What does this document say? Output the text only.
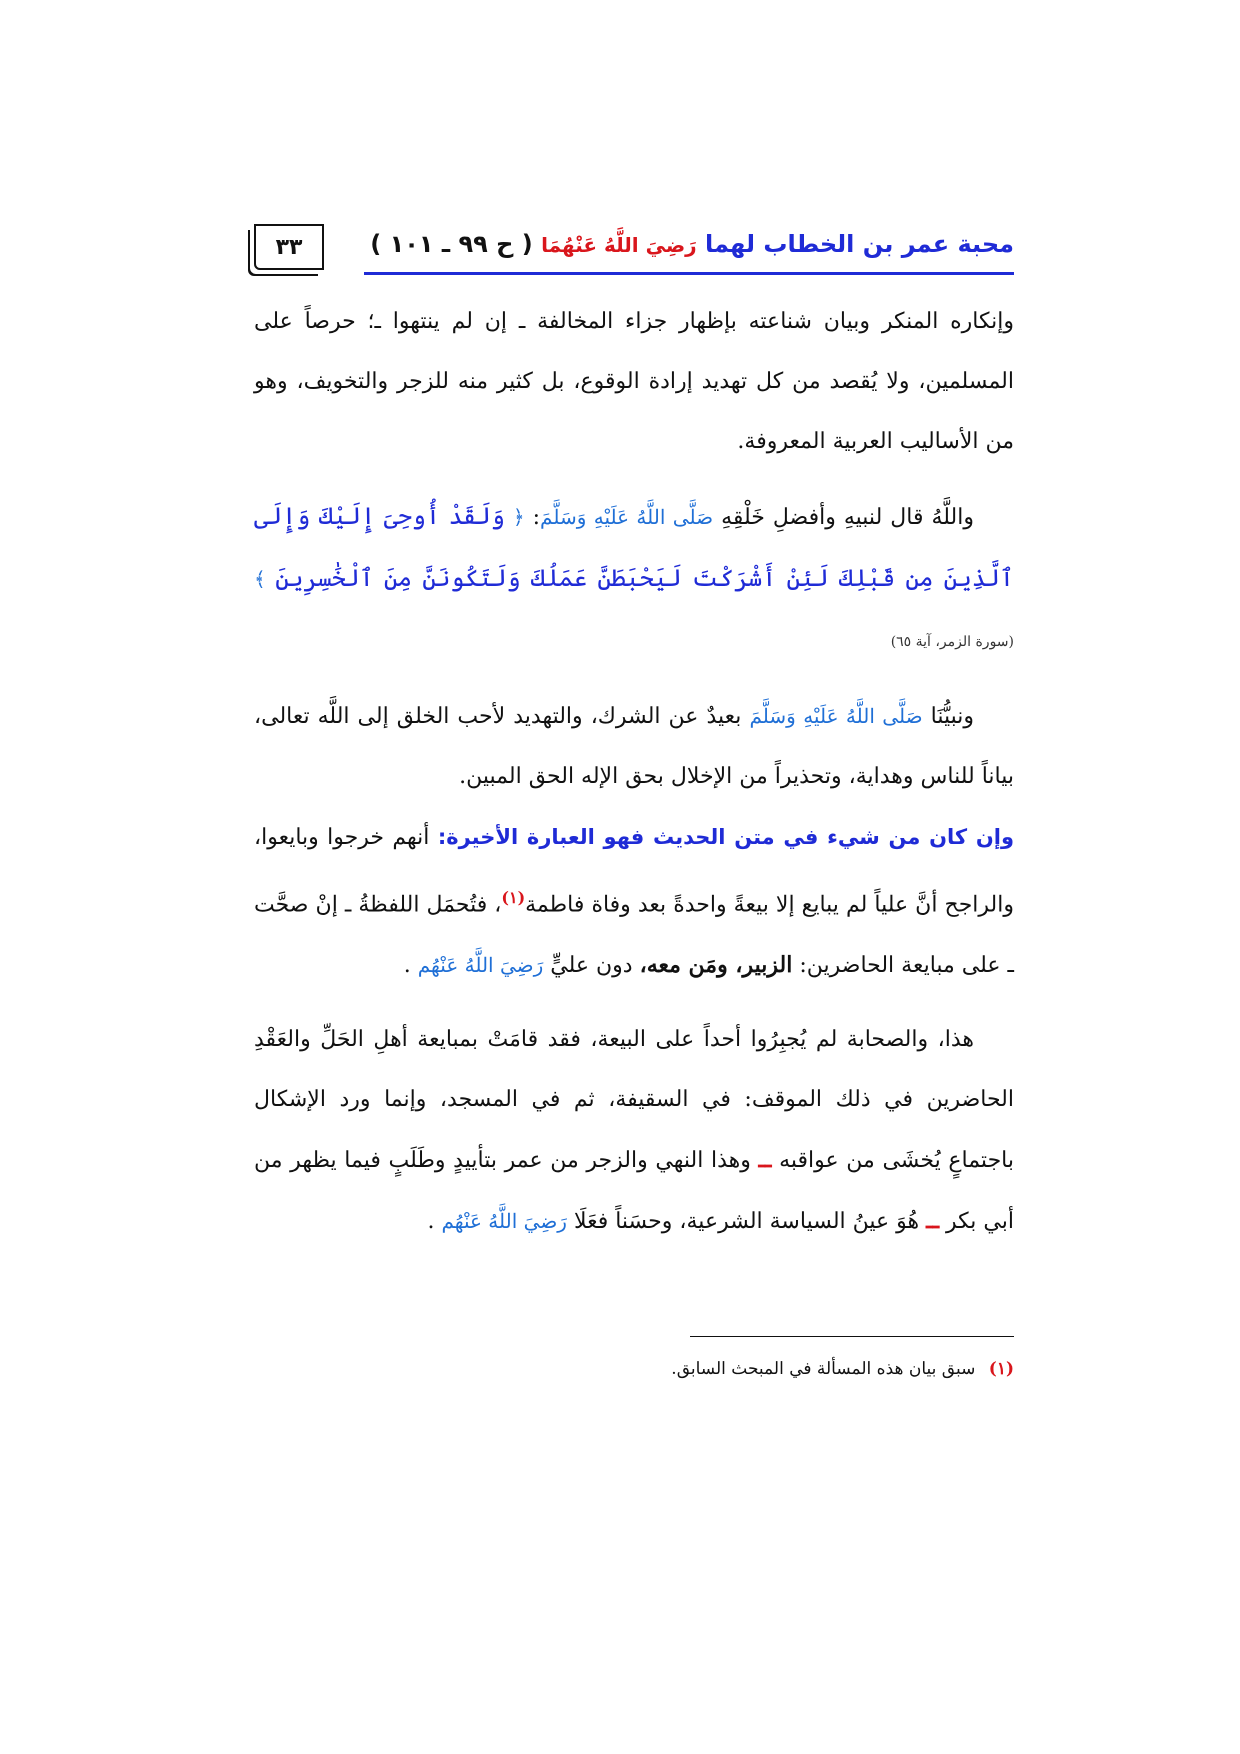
محبة عمر بن الخطاب لهما رَضِيَ اللَّهُ عَنْهُمَا ( ح ٩٩ ـ ١٠١ )
٣٣

وإنكاره المنكر وبيان شناعته بإظهار جزاء المخالفة ـ إن لم ينتهوا ـ؛ حرصاً على المسلمين، ولا يُقصد من كل تهديد إرادة الوقوع، بل كثير منه للزجر والتخويف، وهو من الأساليب العربية المعروفة.

واللَّهُ قال لنبيهِ وأفضلِ خَلْقِهِ صَلَّى اللَّهُ عَلَيْهِ وَسَلَّمَ: ﴿ وَلَقَدْ أُوحِىَ إِلَيْكَ وَإِلَى ٱلَّذِينَ مِن قَبْلِكَ لَئِنْ أَشْرَكْتَ لَيَحْبَطَنَّ عَمَلُكَ وَلَتَكُونَنَّ مِنَ ٱلْخَٰسِرِينَ ﴾(سورة الزمر، آية ٦٥)

ونبيُّنَا صَلَّى اللَّهُ عَلَيْهِ وَسَلَّمَ بعيدٌ عن الشرك، والتهديد لأحب الخلق إلى اللَّه تعالى، بياناً للناس وهداية، وتحذيراً من الإخلال بحق الإله الحق المبين.

وإن كان من شيء في متن الحديث فهو العبارة الأخيرة: أنهم خرجوا وبايعوا، والراجح أنَّ علياً لم يبايع إلا بيعةً واحدةً بعد وفاة فاطمة$^{(١)}$، فتُحمَل اللفظةُ ـ إنْ صحَّت ـ على مبايعة الحاضرين: الزبير، ومَن معه، دون عليٍّ رَضِيَ اللَّهُ عَنْهُم .

هذا، والصحابة لم يُجبِرُوا أحداً على البيعة، فقد قامَتْ بمبايعة أهلِ الحَلِّ والعَقْدِ الحاضرين في ذلك الموقف: في السقيفة، ثم في المسجد، وإنما ورد الإشكال باجتماعٍ يُخشَى من عواقبه ــ وهذا النهي والزجر من عمر بتأييدٍ وطَلَبٍ فيما يظهر من أبي بكر ــ هُوَ عينُ السياسة الشرعية، وحسَناً فعَلَا رَضِيَ اللَّهُ عَنْهُم .

(١) سبق بيان هذه المسألة في المبحث السابق.
